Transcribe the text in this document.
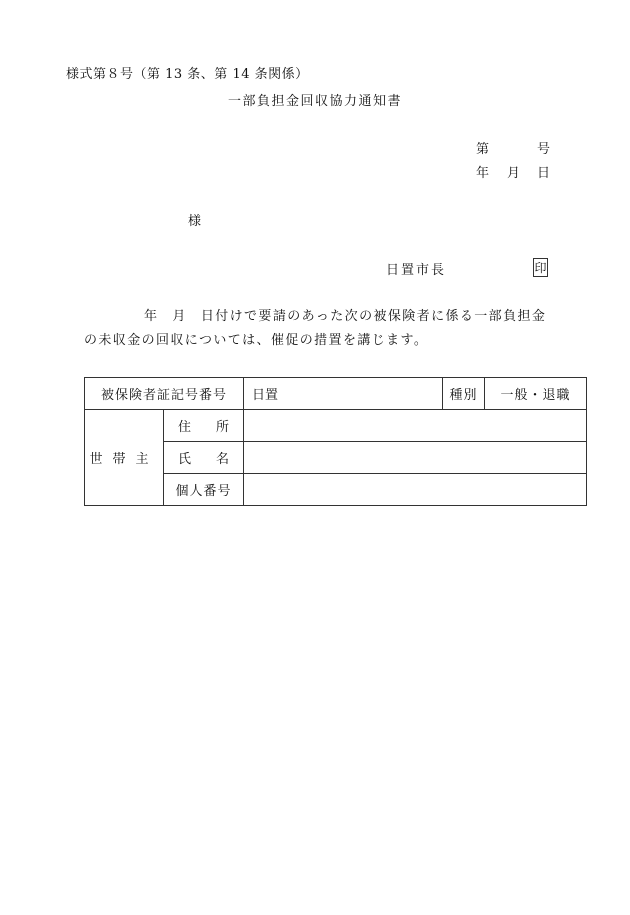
様式第８号（第 13 条、第 14 条関係）
一部負担金回収協力通知書
第	号
年 月 日
様
日置市長	印
年 月 日付けで要請のあった次の被保険者に係る一部負担金
の未収金の回収については、催促の措置を講じます。
被保険者証記号番号		日置	種別	一般・退職
世帯主	住 所			

	氏 名			

	個人番号			
